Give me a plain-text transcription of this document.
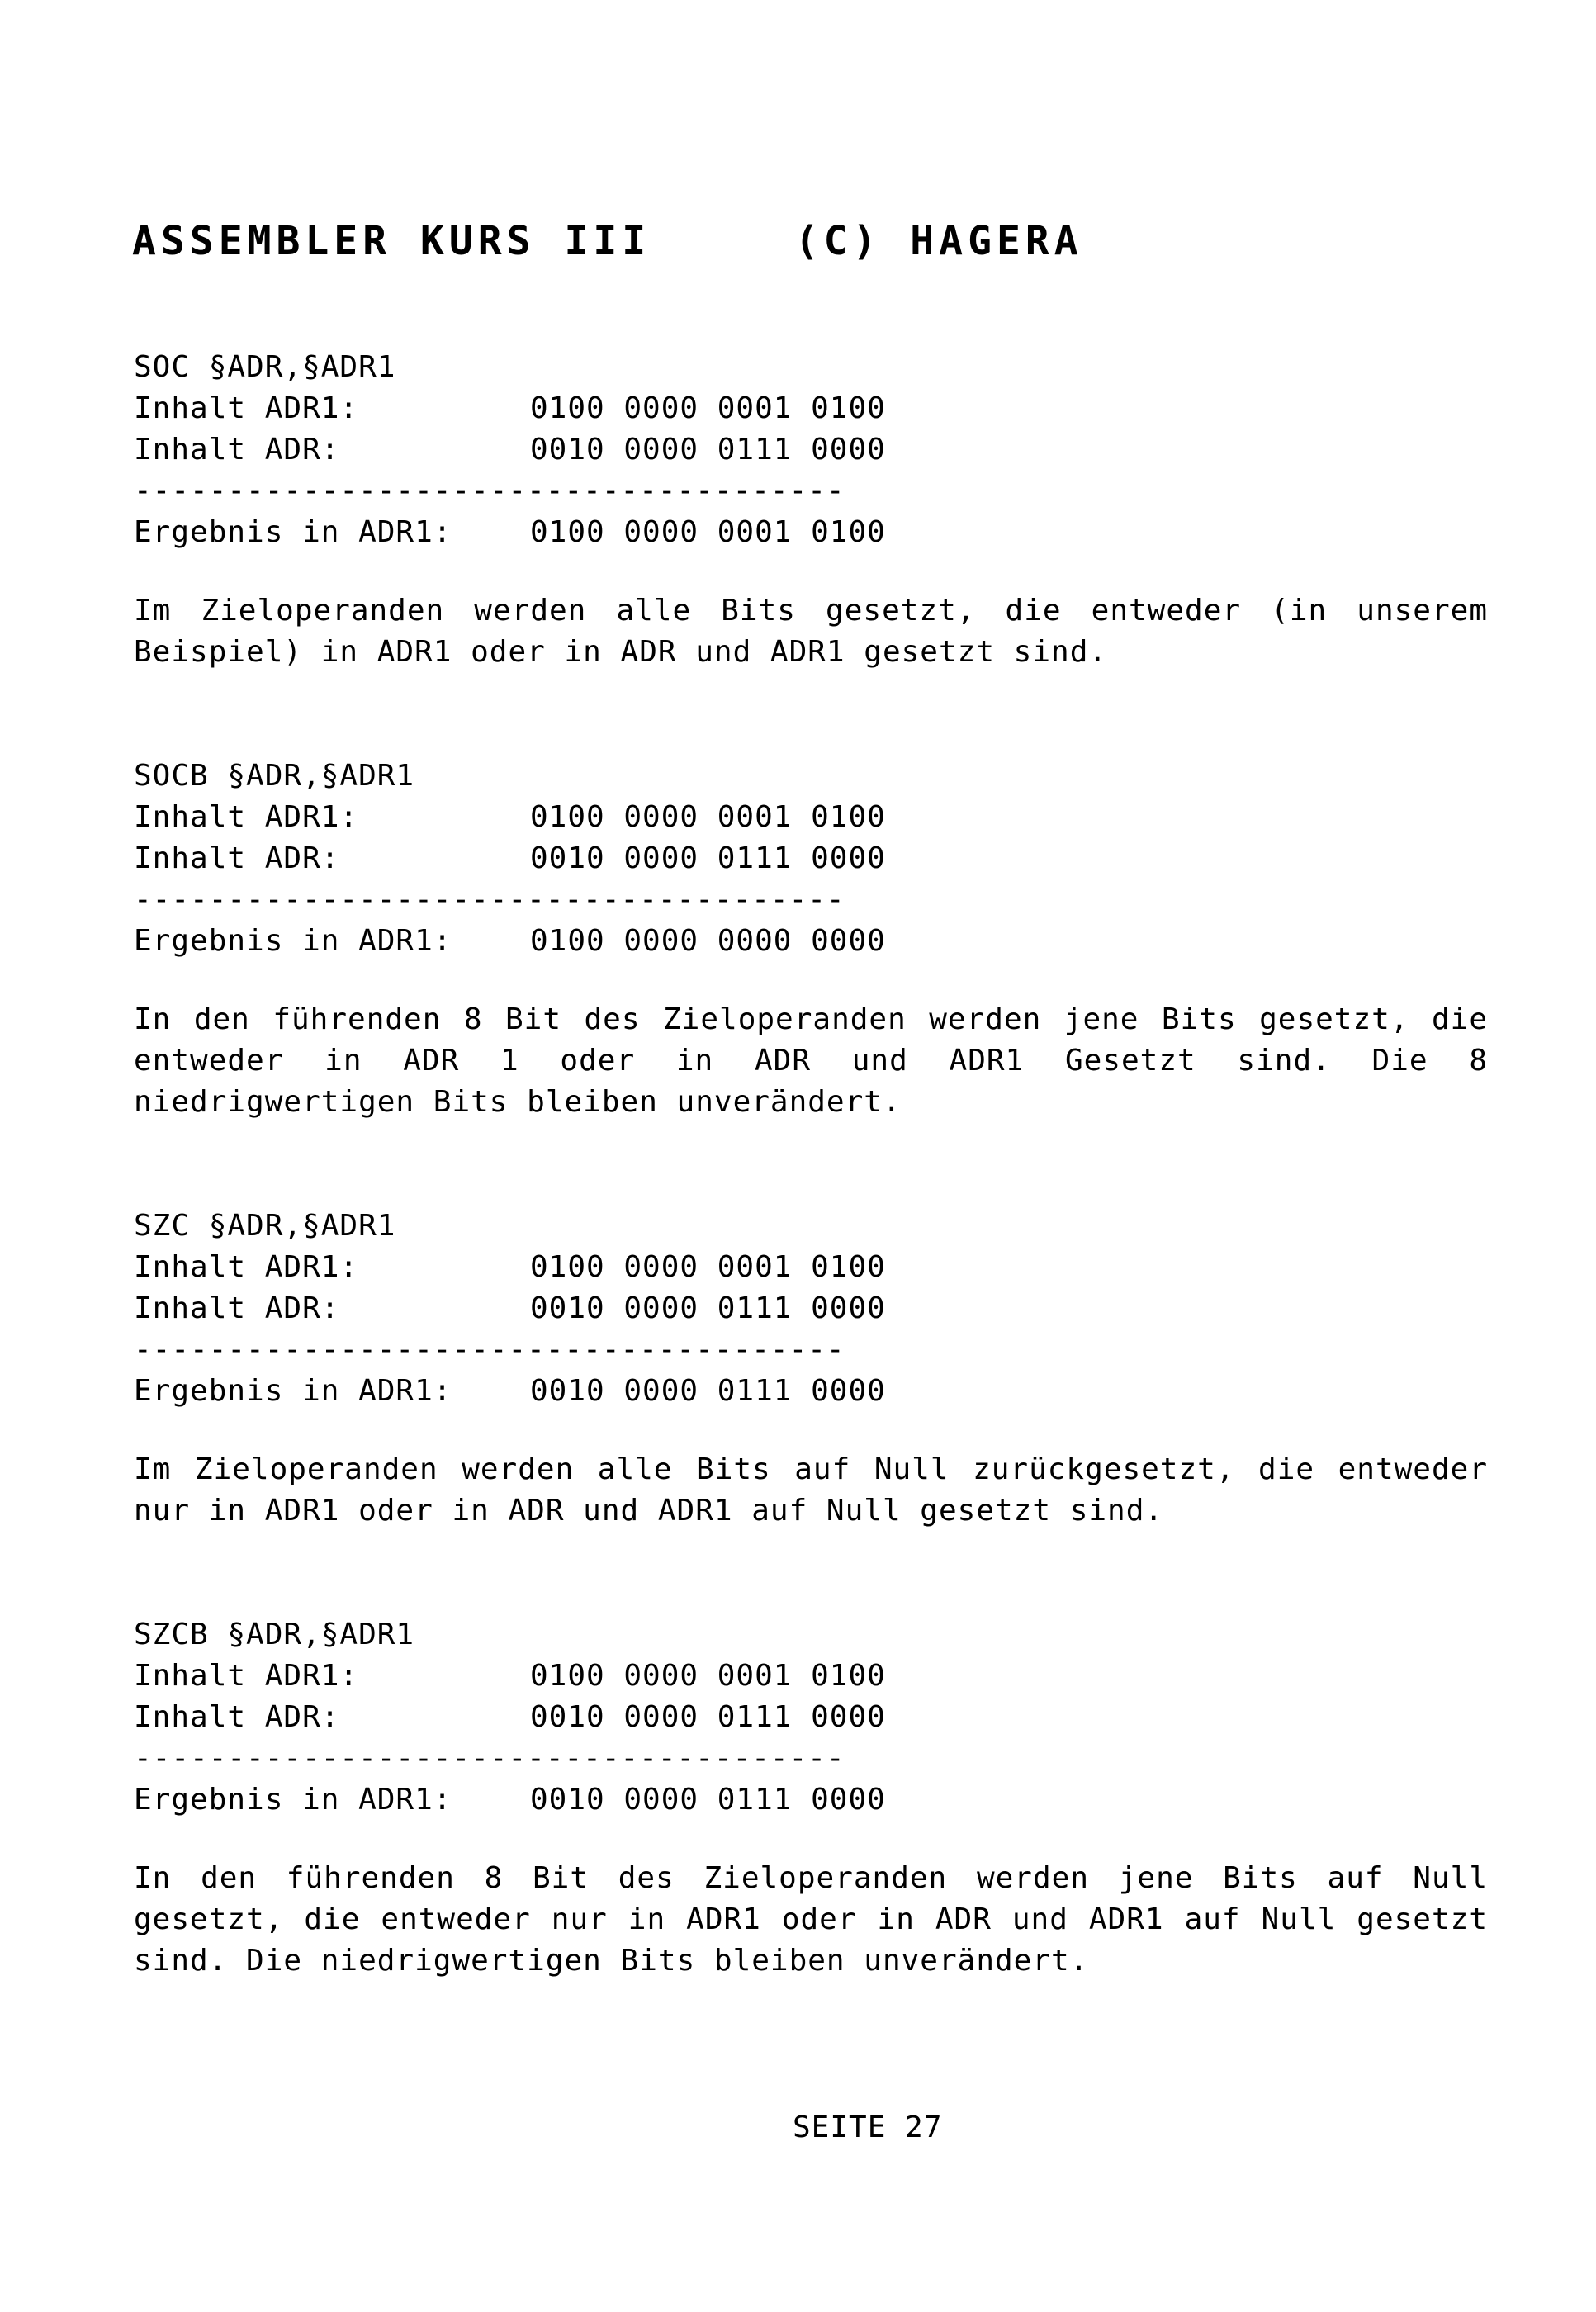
ASSEMBLER KURS III	(C) HAGERA
SOC §ADR,§ADR1
Inhalt ADR1:	0100 0000 0001 0100
Inhalt ADR:	0010 0000 0111 0000
--------------------------------------
Ergebnis in ADR1:	0100 0000 0001 0100
Im Zieloperanden werden alle Bits gesetzt, die entweder (in unserem Beispiel) in ADR1 oder in ADR und ADR1 gesetzt sind.
SOCB §ADR,§ADR1
Inhalt ADR1:	0100 0000 0001 0100
Inhalt ADR:	0010 0000 0111 0000
--------------------------------------
Ergebnis in ADR1:	0100 0000 0000 0000
In den führenden 8 Bit des Zieloperanden werden jene Bits gesetzt, die entweder in ADR 1 oder in ADR und ADR1 Gesetzt sind. Die 8 niedrigwertigen Bits bleiben unverändert.
SZC §ADR,§ADR1
Inhalt ADR1:	0100 0000 0001 0100
Inhalt ADR:	0010 0000 0111 0000
--------------------------------------
Ergebnis in ADR1:	0010 0000 0111 0000
Im Zieloperanden werden alle Bits auf Null zurückgesetzt, die entweder nur in ADR1 oder in ADR und ADR1 auf Null gesetzt sind.
SZCB §ADR,§ADR1
Inhalt ADR1:	0100 0000 0001 0100
Inhalt ADR:	0010 0000 0111 0000
--------------------------------------
Ergebnis in ADR1:	0010 0000 0111 0000
In den führenden 8 Bit des Zieloperanden werden jene Bits auf Null gesetzt, die entweder nur in ADR1 oder in ADR und ADR1 auf Null gesetzt sind. Die niedrigwertigen Bits bleiben unverändert.
SEITE 27
